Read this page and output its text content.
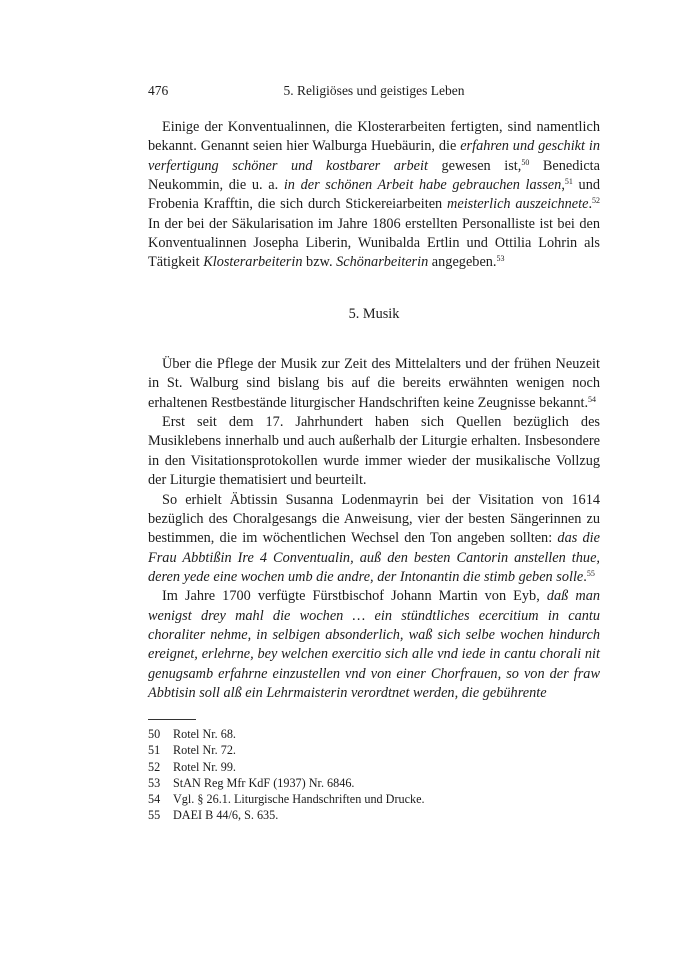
476	5. Religiöses und geistiges Leben

Einige der Konventualinnen, die Klosterarbeiten fertigten, sind namentlich bekannt. Genannt seien hier Walburga Huebäurin, die erfahren und geschikt in verfertigung schöner und kostbarer arbeit gewesen ist,$^{50}$ Benedicta Neukommin, die u. a. in der schönen Arbeit habe gebrauchen lassen,$^{51}$ und Frobenia Krafftin, die sich durch Stickereiarbeiten meisterlich auszeichnete.$^{52}$ In der bei der Säkularisation im Jahre 1806 erstellten Personalliste ist bei den Konventualinnen Josepha Liberin, Wunibalda Ertlin und Ottilia Lohrin als Tätigkeit Klosterarbeiterin bzw. Schönarbeiterin angegeben.$^{53}$

5. Musik

Über die Pflege der Musik zur Zeit des Mittelalters und der frühen Neuzeit in St. Walburg sind bislang bis auf die bereits erwähnten wenigen noch erhaltenen Restbestände liturgischer Handschriften keine Zeugnisse bekannt.$^{54}$

Erst seit dem 17. Jahrhundert haben sich Quellen bezüglich des Musiklebens innerhalb und auch außerhalb der Liturgie erhalten. Insbesondere in den Visitationsprotokollen wurde immer wieder der musikalische Vollzug der Liturgie thematisiert und beurteilt.

So erhielt Äbtissin Susanna Lodenmayrin bei der Visitation von 1614 bezüglich des Choralgesangs die Anweisung, vier der besten Sängerinnen zu bestimmen, die im wöchentlichen Wechsel den Ton angeben sollten: das die Frau Abbtißin Ire 4 Conventualin, auß den besten Cantorin anstellen thue, deren yede eine wochen umb die andre, der Intonantin die stimb geben solle.$^{55}$

Im Jahre 1700 verfügte Fürstbischof Johann Martin von Eyb, daß man wenigst drey mahl die wochen … ein stündtliches ecercitium in cantu choraliter nehme, in selbigen absonderlich, waß sich selbe wochen hindurch ereignet, erlehrne, bey welchen exercitio sich alle vnd iede in cantu chorali nit genugsamb erfahrne einzustellen vnd von einer Chorfrauen, so von der fraw Abbtisin soll alß ein Lehrmaisterin verordtnet werden, die gebührente

50	Rotel Nr. 68.
51	Rotel Nr. 72.
52	Rotel Nr. 99.
53	StAN Reg Mfr KdF (1937) Nr. 6846.
54	Vgl. § 26.1. Liturgische Handschriften und Drucke.
55	DAEI B 44/6, S. 635.
